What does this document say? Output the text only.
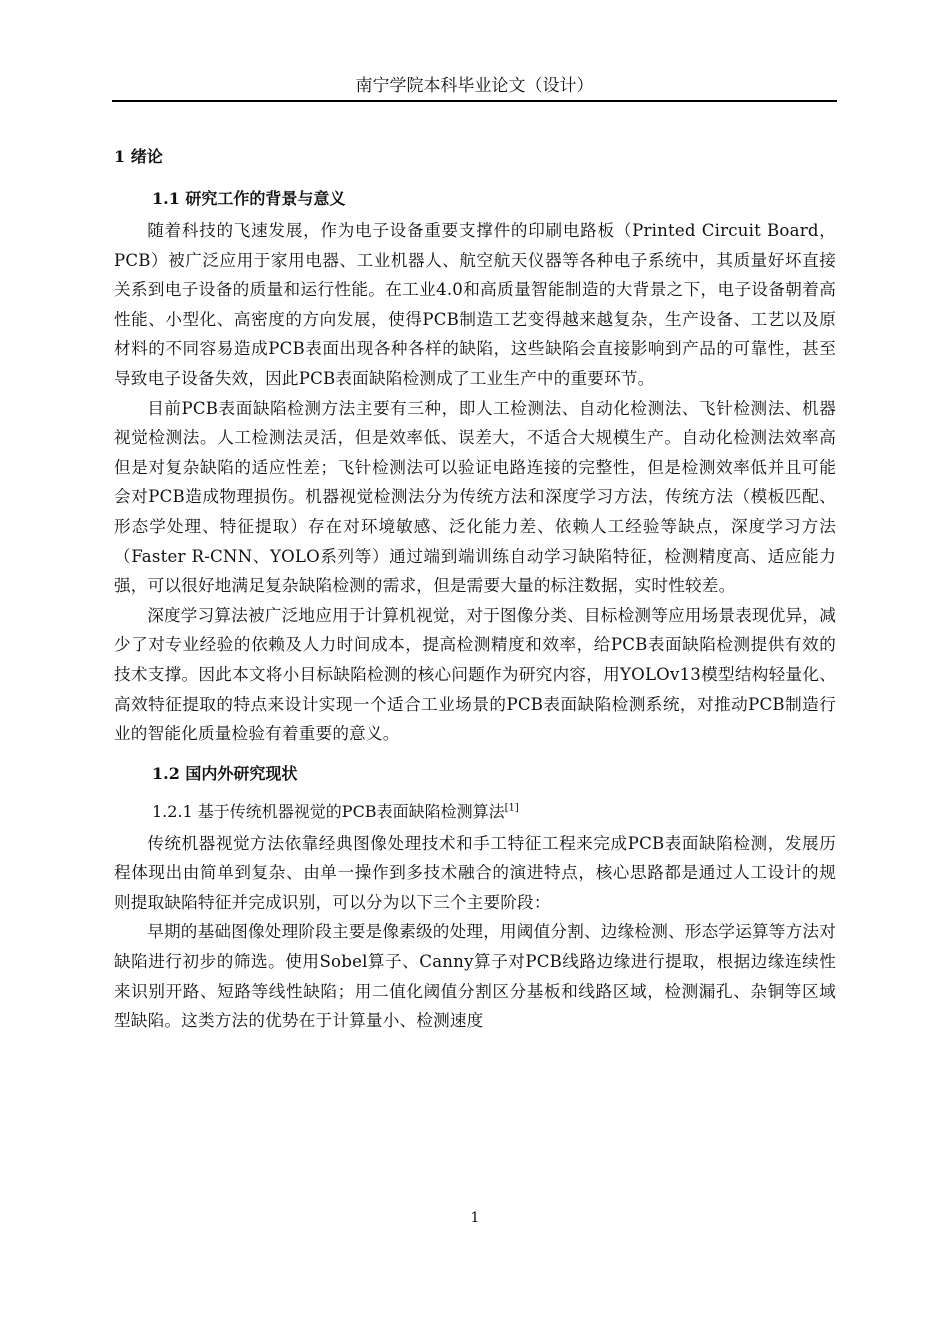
南宁学院本科毕业论文（设计）
1 绪论
1.1 研究工作的背景与意义

随着科技的飞速发展，作为电子设备重要支撑件的印刷电路板（Printed Circuit Board，PCB）被广泛应用于家用电器、工业机器人、航空航天仪器等各种电子系统中，其质量好坏直接关系到电子设备的质量和运行性能。在工业4.0和高质量智能制造的大背景之下，电子设备朝着高性能、小型化、高密度的方向发展，使得PCB制造工艺变得越来越复杂，生产设备、工艺以及原材料的不同容易造成PCB表面出现各种各样的缺陷，这些缺陷会直接影响到产品的可靠性，甚至导致电子设备失效，因此PCB表面缺陷检测成了工业生产中的重要环节。

目前PCB表面缺陷检测方法主要有三种，即人工检测法、自动化检测法、飞针检测法、机器视觉检测法。人工检测法灵活，但是效率低、误差大，不适合大规模生产。自动化检测法效率高但是对复杂缺陷的适应性差；飞针检测法可以验证电路连接的完整性，但是检测效率低并且可能会对PCB造成物理损伤。机器视觉检测法分为传统方法和深度学习方法，传统方法（模板匹配、形态学处理、特征提取）存在对环境敏感、泛化能力差、依赖人工经验等缺点，深度学习方法（Faster R-CNN、YOLO系列等）通过端到端训练自动学习缺陷特征，检测精度高、适应能力强，可以很好地满足复杂缺陷检测的需求，但是需要大量的标注数据，实时性较差。

深度学习算法被广泛地应用于计算机视觉，对于图像分类、目标检测等应用场景表现优异，减少了对专业经验的依赖及人力时间成本，提高检测精度和效率，给PCB表面缺陷检测提供有效的技术支撑。因此本文将小目标缺陷检测的核心问题作为研究内容，用YOLOv13模型结构轻量化、高效特征提取的特点来设计实现一个适合工业场景的PCB表面缺陷检测系统，对推动PCB制造行业的智能化质量检验有着重要的意义。

1.2 国内外研究现状
1.2.1 基于传统机器视觉的PCB表面缺陷检测算法[1]

传统机器视觉方法依靠经典图像处理技术和手工特征工程来完成PCB表面缺陷检测，发展历程体现出由简单到复杂、由单一操作到多技术融合的演进特点，核心思路都是通过人工设计的规则提取缺陷特征并完成识别，可以分为以下三个主要阶段：

早期的基础图像处理阶段主要是像素级的处理，用阈值分割、边缘检测、形态学运算等方法对缺陷进行初步的筛选。使用Sobel算子、Canny算子对PCB线路边缘进行提取，根据边缘连续性来识别开路、短路等线性缺陷；用二值化阈值分割区分基板和线路区域，检测漏孔、杂铜等区域型缺陷。这类方法的优势在于计算量小、检测速度

1
